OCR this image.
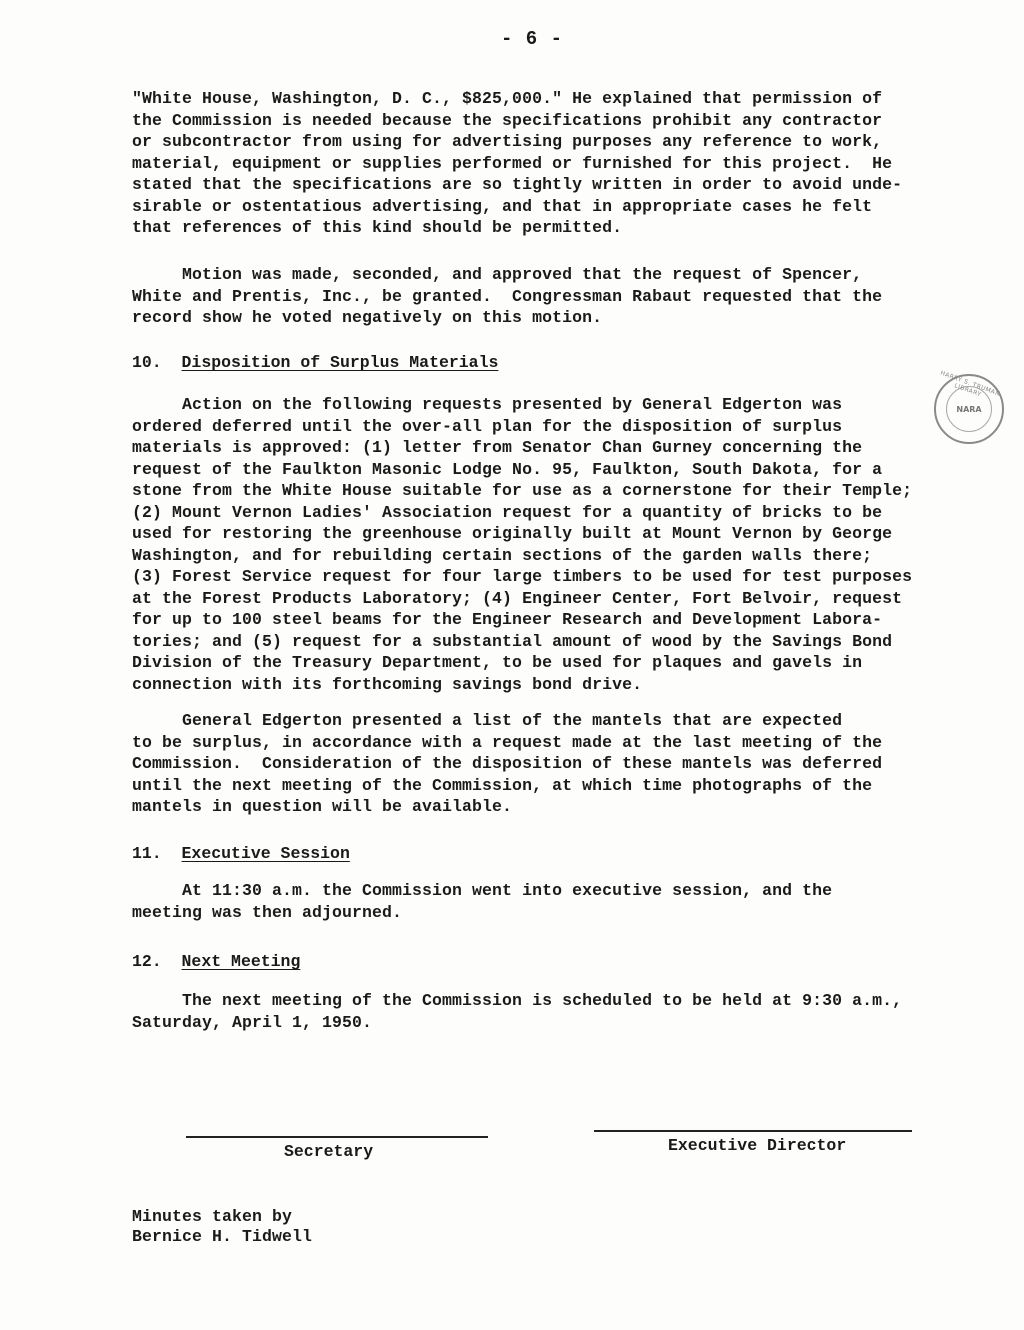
- 6 -
"White House, Washington, D. C., $825,000." He explained that permission of
the Commission is needed because the specifications prohibit any contractor
or subcontractor from using for advertising purposes any reference to work,
material, equipment or supplies performed or furnished for this project.  He
stated that the specifications are so tightly written in order to avoid unde-
sirable or ostentatious advertising, and that in appropriate cases he felt
that references of this kind should be permitted.
Motion was made, seconded, and approved that the request of Spencer,
White and Prentis, Inc., be granted.  Congressman Rabaut requested that the
record show he voted negatively on this motion.
10. Disposition of Surplus Materials
Action on the following requests presented by General Edgerton was
ordered deferred until the over-all plan for the disposition of surplus
materials is approved: (1) letter from Senator Chan Gurney concerning the
request of the Faulkton Masonic Lodge No. 95, Faulkton, South Dakota, for a
stone from the White House suitable for use as a cornerstone for their Temple;
(2) Mount Vernon Ladies' Association request for a quantity of bricks to be
used for restoring the greenhouse originally built at Mount Vernon by George
Washington, and for rebuilding certain sections of the garden walls there;
(3) Forest Service request for four large timbers to be used for test purposes
at the Forest Products Laboratory; (4) Engineer Center, Fort Belvoir, request
for up to 100 steel beams for the Engineer Research and Development Labora-
tories; and (5) request for a substantial amount of wood by the Savings Bond
Division of the Treasury Department, to be used for plaques and gavels in
connection with its forthcoming savings bond drive.
General Edgerton presented a list of the mantels that are expected
to be surplus, in accordance with a request made at the last meeting of the
Commission.  Consideration of the disposition of these mantels was deferred
until the next meeting of the Commission, at which time photographs of the
mantels in question will be available.
11. Executive Session
At 11:30 a.m. the Commission went into executive session, and the
meeting was then adjourned.
12. Next Meeting
The next meeting of the Commission is scheduled to be held at 9:30 a.m.,
Saturday, April 1, 1950.
Secretary	Executive Director
Minutes taken by
Bernice H. Tidwell
HARRY S. TRUMAN LIBRARY
NARA
